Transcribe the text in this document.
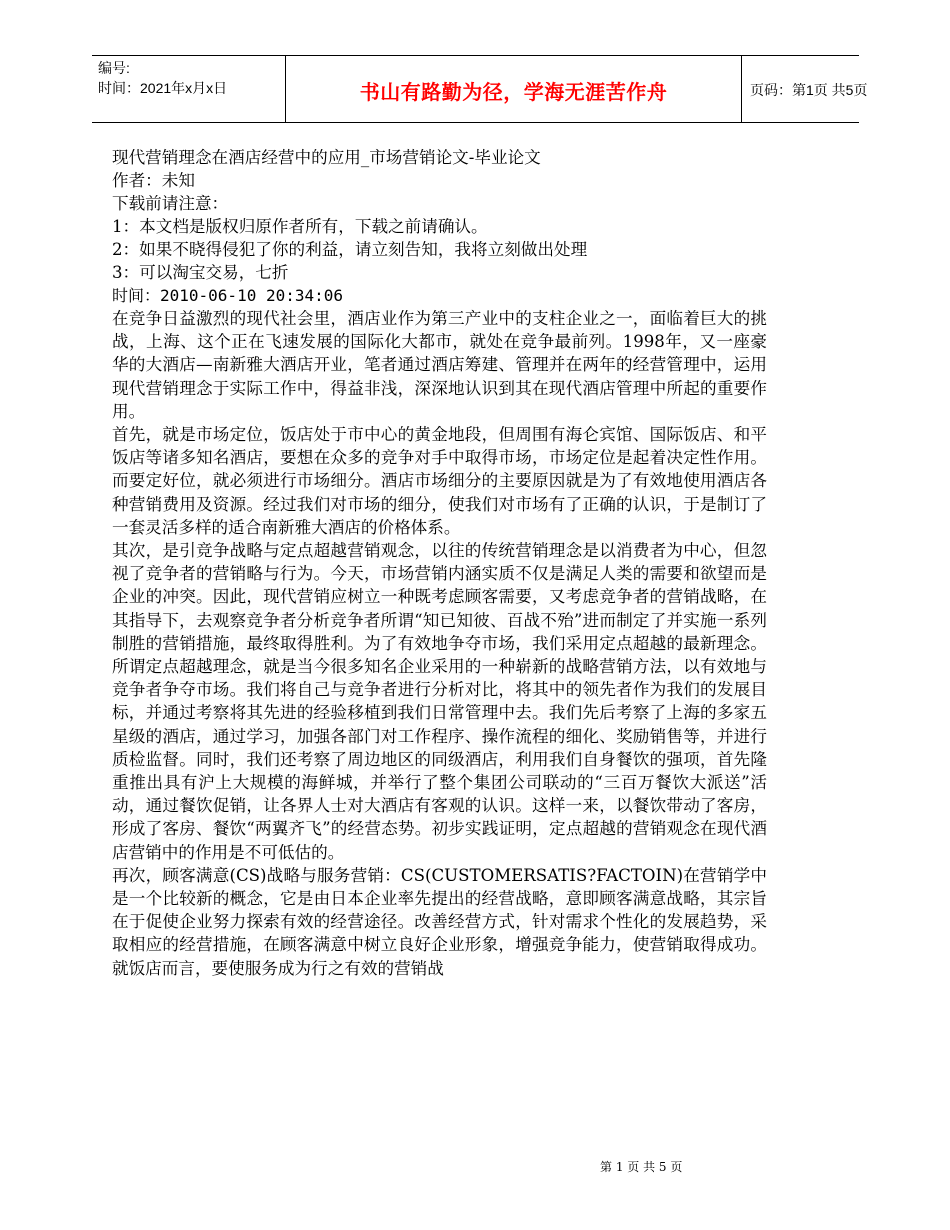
编号:
时间：2021年x月x日	书山有路勤为径，学海无涯苦作舟	页码：第1页 共5页
现代营销理念在酒店经营中的应用_市场营销论文-毕业论文
作者：未知
下载前请注意：
1：本文档是版权归原作者所有，下载之前请确认。
2：如果不晓得侵犯了你的利益，请立刻告知，我将立刻做出处理
3：可以淘宝交易，七折
时间：2010-06-10 20:34:06

在竞争日益激烈的现代社会里，酒店业作为第三产业中的支柱企业之一，面临着巨大的挑战，上海、这个正在飞速发展的国际化大都市，就处在竞争最前列。1998年，又一座豪华的大酒店—南新雅大酒店开业，笔者通过酒店筹建、管理并在两年的经营管理中，运用现代营销理念于实际工作中，得益非浅，深深地认识到其在现代酒店管理中所起的重要作用。

首先，就是市场定位，饭店处于市中心的黄金地段，但周围有海仑宾馆、国际饭店、和平饭店等诸多知名酒店，要想在众多的竞争对手中取得市场，市场定位是起着决定性作用。而要定好位，就必须进行市场细分。酒店市场细分的主要原因就是为了有效地使用酒店各种营销费用及资源。经过我们对市场的细分，使我们对市场有了正确的认识，于是制订了一套灵活多样的适合南新雅大酒店的价格体系。

其次，是引竞争战略与定点超越营销观念，以往的传统营销理念是以消费者为中心，但忽视了竞争者的营销略与行为。今天，市场营销内涵实质不仅是满足人类的需要和欲望而是企业的冲突。因此，现代营销应树立一种既考虑顾客需要，又考虑竞争者的营销战略，在其指导下，去观察竞争者分析竞争者所谓“知已知彼、百战不殆”进而制定了并实施一系列制胜的营销措施，最终取得胜利。为了有效地争夺市场，我们采用定点超越的最新理念。所谓定点超越理念，就是当今很多知名企业采用的一种崭新的战略营销方法，以有效地与竞争者争夺市场。我们将自己与竞争者进行分析对比，将其中的领先者作为我们的发展目标，并通过考察将其先进的经验移植到我们日常管理中去。我们先后考察了上海的多家五星级的酒店，通过学习，加强各部门对工作程序、操作流程的细化、奖励销售等，并进行质检监督。同时，我们还考察了周边地区的同级酒店，利用我们自身餐饮的强项，首先隆重推出具有沪上大规模的海鲜城，并举行了整个集团公司联动的“三百万餐饮大派送”活动，通过餐饮促销，让各界人士对大酒店有客观的认识。这样一来，以餐饮带动了客房，形成了客房、餐饮“两翼齐飞”的经营态势。初步实践证明，定点超越的营销观念在现代酒店营销中的作用是不可低估的。

再次，顾客满意(CS)战略与服务营销：CS(CUSTOMERSATIS?FACTOIN)在营销学中是一个比较新的概念，它是由日本企业率先提出的经营战略，意即顾客满意战略，其宗旨在于促使企业努力探索有效的经营途径。改善经营方式，针对需求个性化的发展趋势，采取相应的经营措施，在顾客满意中树立良好企业形象，增强竞争能力，使营销取得成功。就饭店而言，要使服务成为行之有效的营销战

第 1 页 共 5 页
